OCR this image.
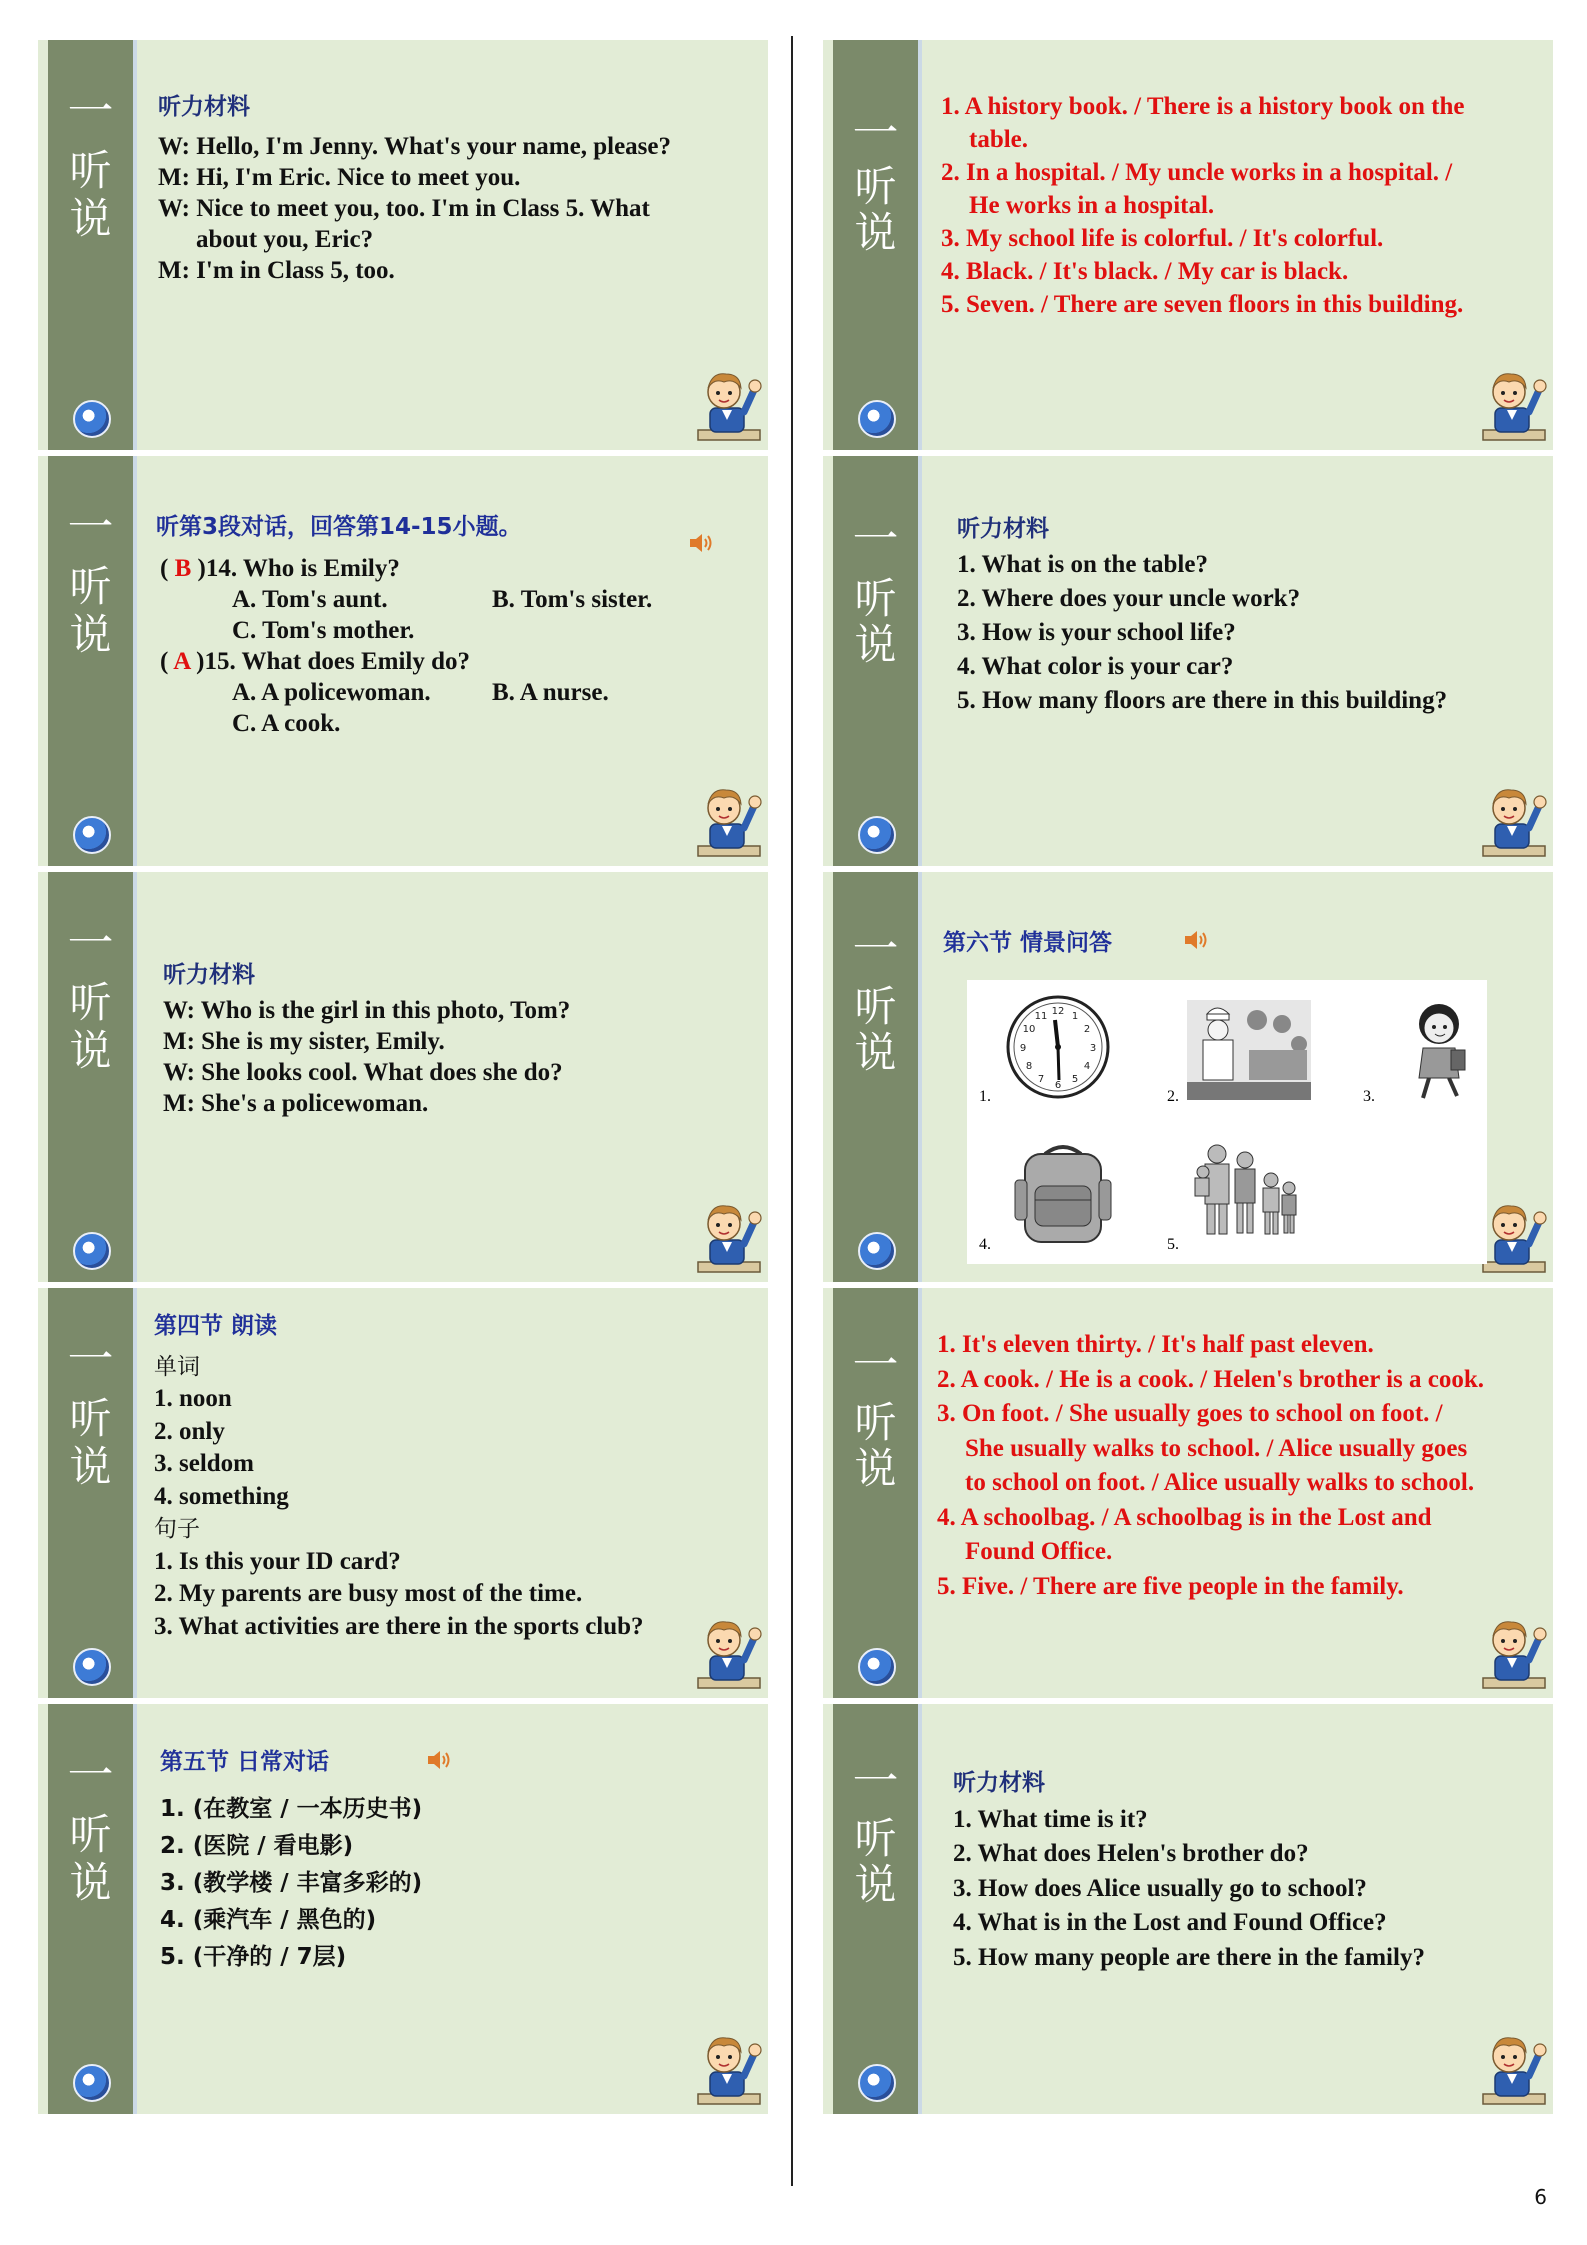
一
听
说
听力材料
W: Hello, I'm Jenny. What's your name, please?
M: Hi, I'm Eric. Nice to meet you.
W: Nice to meet you, too. I'm in Class 5. What
about you, Eric?
M: I'm in Class 5, too.
一
听
说
听第3段对话，回答第14-15小题。
( B )14. Who is Emily?
A. Tom's aunt.	B. Tom's sister.
C. Tom's mother.
( A )15. What does Emily do?
A. A policewoman. B. A nurse.
C. A cook.
一
听
说
听力材料
W: Who is the girl in this photo, Tom?
M: She is my sister, Emily.
W: She looks cool. What does she do?
M: She's a policewoman.
一
听
说
第四节 朗读
单词
1. noon
2. only
3. seldom
4. something
句子
1. Is this your ID card?
2. My parents are busy most of the time.
3. What activities are there in the sports club?
一
听
说
第五节 日常对话
1. (在教室 / 一本历史书)
2. (医院 / 看电影)
3. (教学楼 / 丰富多彩的)
4. (乘汽车 / 黑色的)
5. (干净的 / 7层)
一
听
说
1. A history book. / There is a history book on the
table.
2. In a hospital. / My uncle works in a hospital. /
He works in a hospital.
3. My school life is colorful. / It's colorful.
4. Black. / It's black. / My car is black.
5. Seven. / There are seven floors in this building.
一
听
说
听力材料
1. What is on the table?
2. Where does your uncle work?
3. How is your school life?
4. What color is your car?
5. How many floors are there in this building?
一
听
说
第六节 情景问答
12 1
2
3
4
5
6
7
8
9
10
11
1.	2.	3.
4.	5.
一
听
说
1. It's eleven thirty. / It's half past eleven.
2. A cook. / He is a cook. / Helen's brother is a cook.
3. On foot. / She usually goes to school on foot. /
She usually walks to school. / Alice usually goes
to school on foot. / Alice usually walks to school.
4. A schoolbag. / A schoolbag is in the Lost and
Found Office.
5. Five. / There are five people in the family.
一
听
说
听力材料
1. What time is it?
2. What does Helen's brother do?
3. How does Alice usually go to school?
4. What is in the Lost and Found Office?
5. How many people are there in the family?
6
